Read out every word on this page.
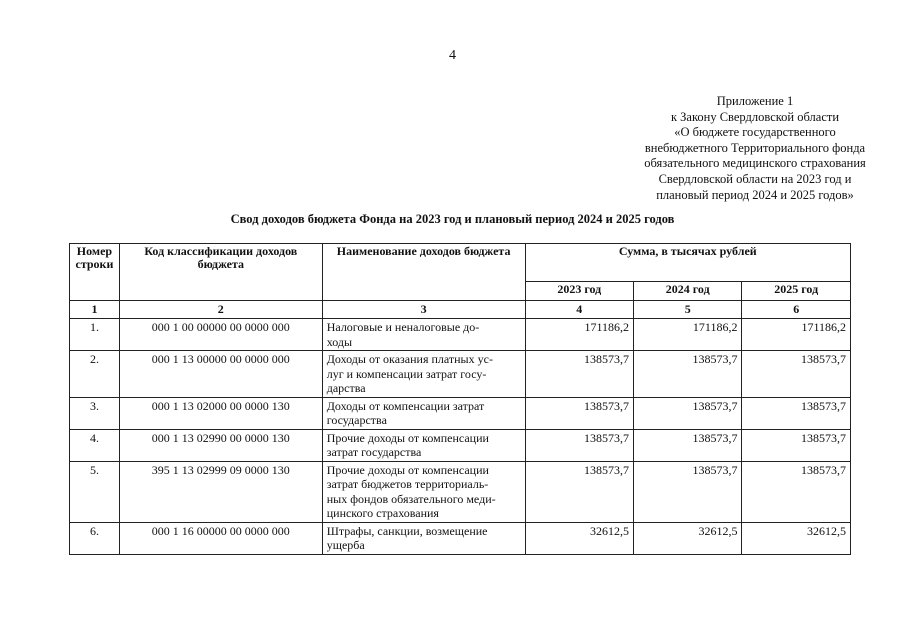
4
Приложение 1
к Закону Свердловской области
«О бюджете государственного
внебюджетного Территориального фонда
обязательного медицинского страхования
Свердловской области на 2023 год и
плановый период 2024 и 2025 годов»
Свод доходов бюджета Фонда на 2023 год и плановый период 2024 и 2025 годов
Номер строки	Код классификации доходов бюджета	Наименование доходов бюджета	Сумма, в тысячах рублей		
			2023 год	2024 год	2025 год
1	2	3	4	5	6
1.	000 1 00 00000 00 0000 000	Налоговые и неналоговые до-
ходы	171186,2	171186,2	171186,2
2.	000 1 13 00000 00 0000 000	Доходы от оказания платных ус-
луг и компенсации затрат госу-
дарства	138573,7	138573,7	138573,7
3.	000 1 13 02000 00 0000 130	Доходы от компенсации затрат
государства	138573,7	138573,7	138573,7
4.	000 1 13 02990 00 0000 130	Прочие доходы от компенсации
затрат государства	138573,7	138573,7	138573,7
5.	395 1 13 02999 09 0000 130	Прочие доходы от компенсации
затрат бюджетов территориаль-
ных фондов обязательного меди-
цинского страхования	138573,7	138573,7	138573,7
6.	000 1 16 00000 00 0000 000	Штрафы, санкции, возмещение
ущерба	32612,5	32612,5	32612,5
